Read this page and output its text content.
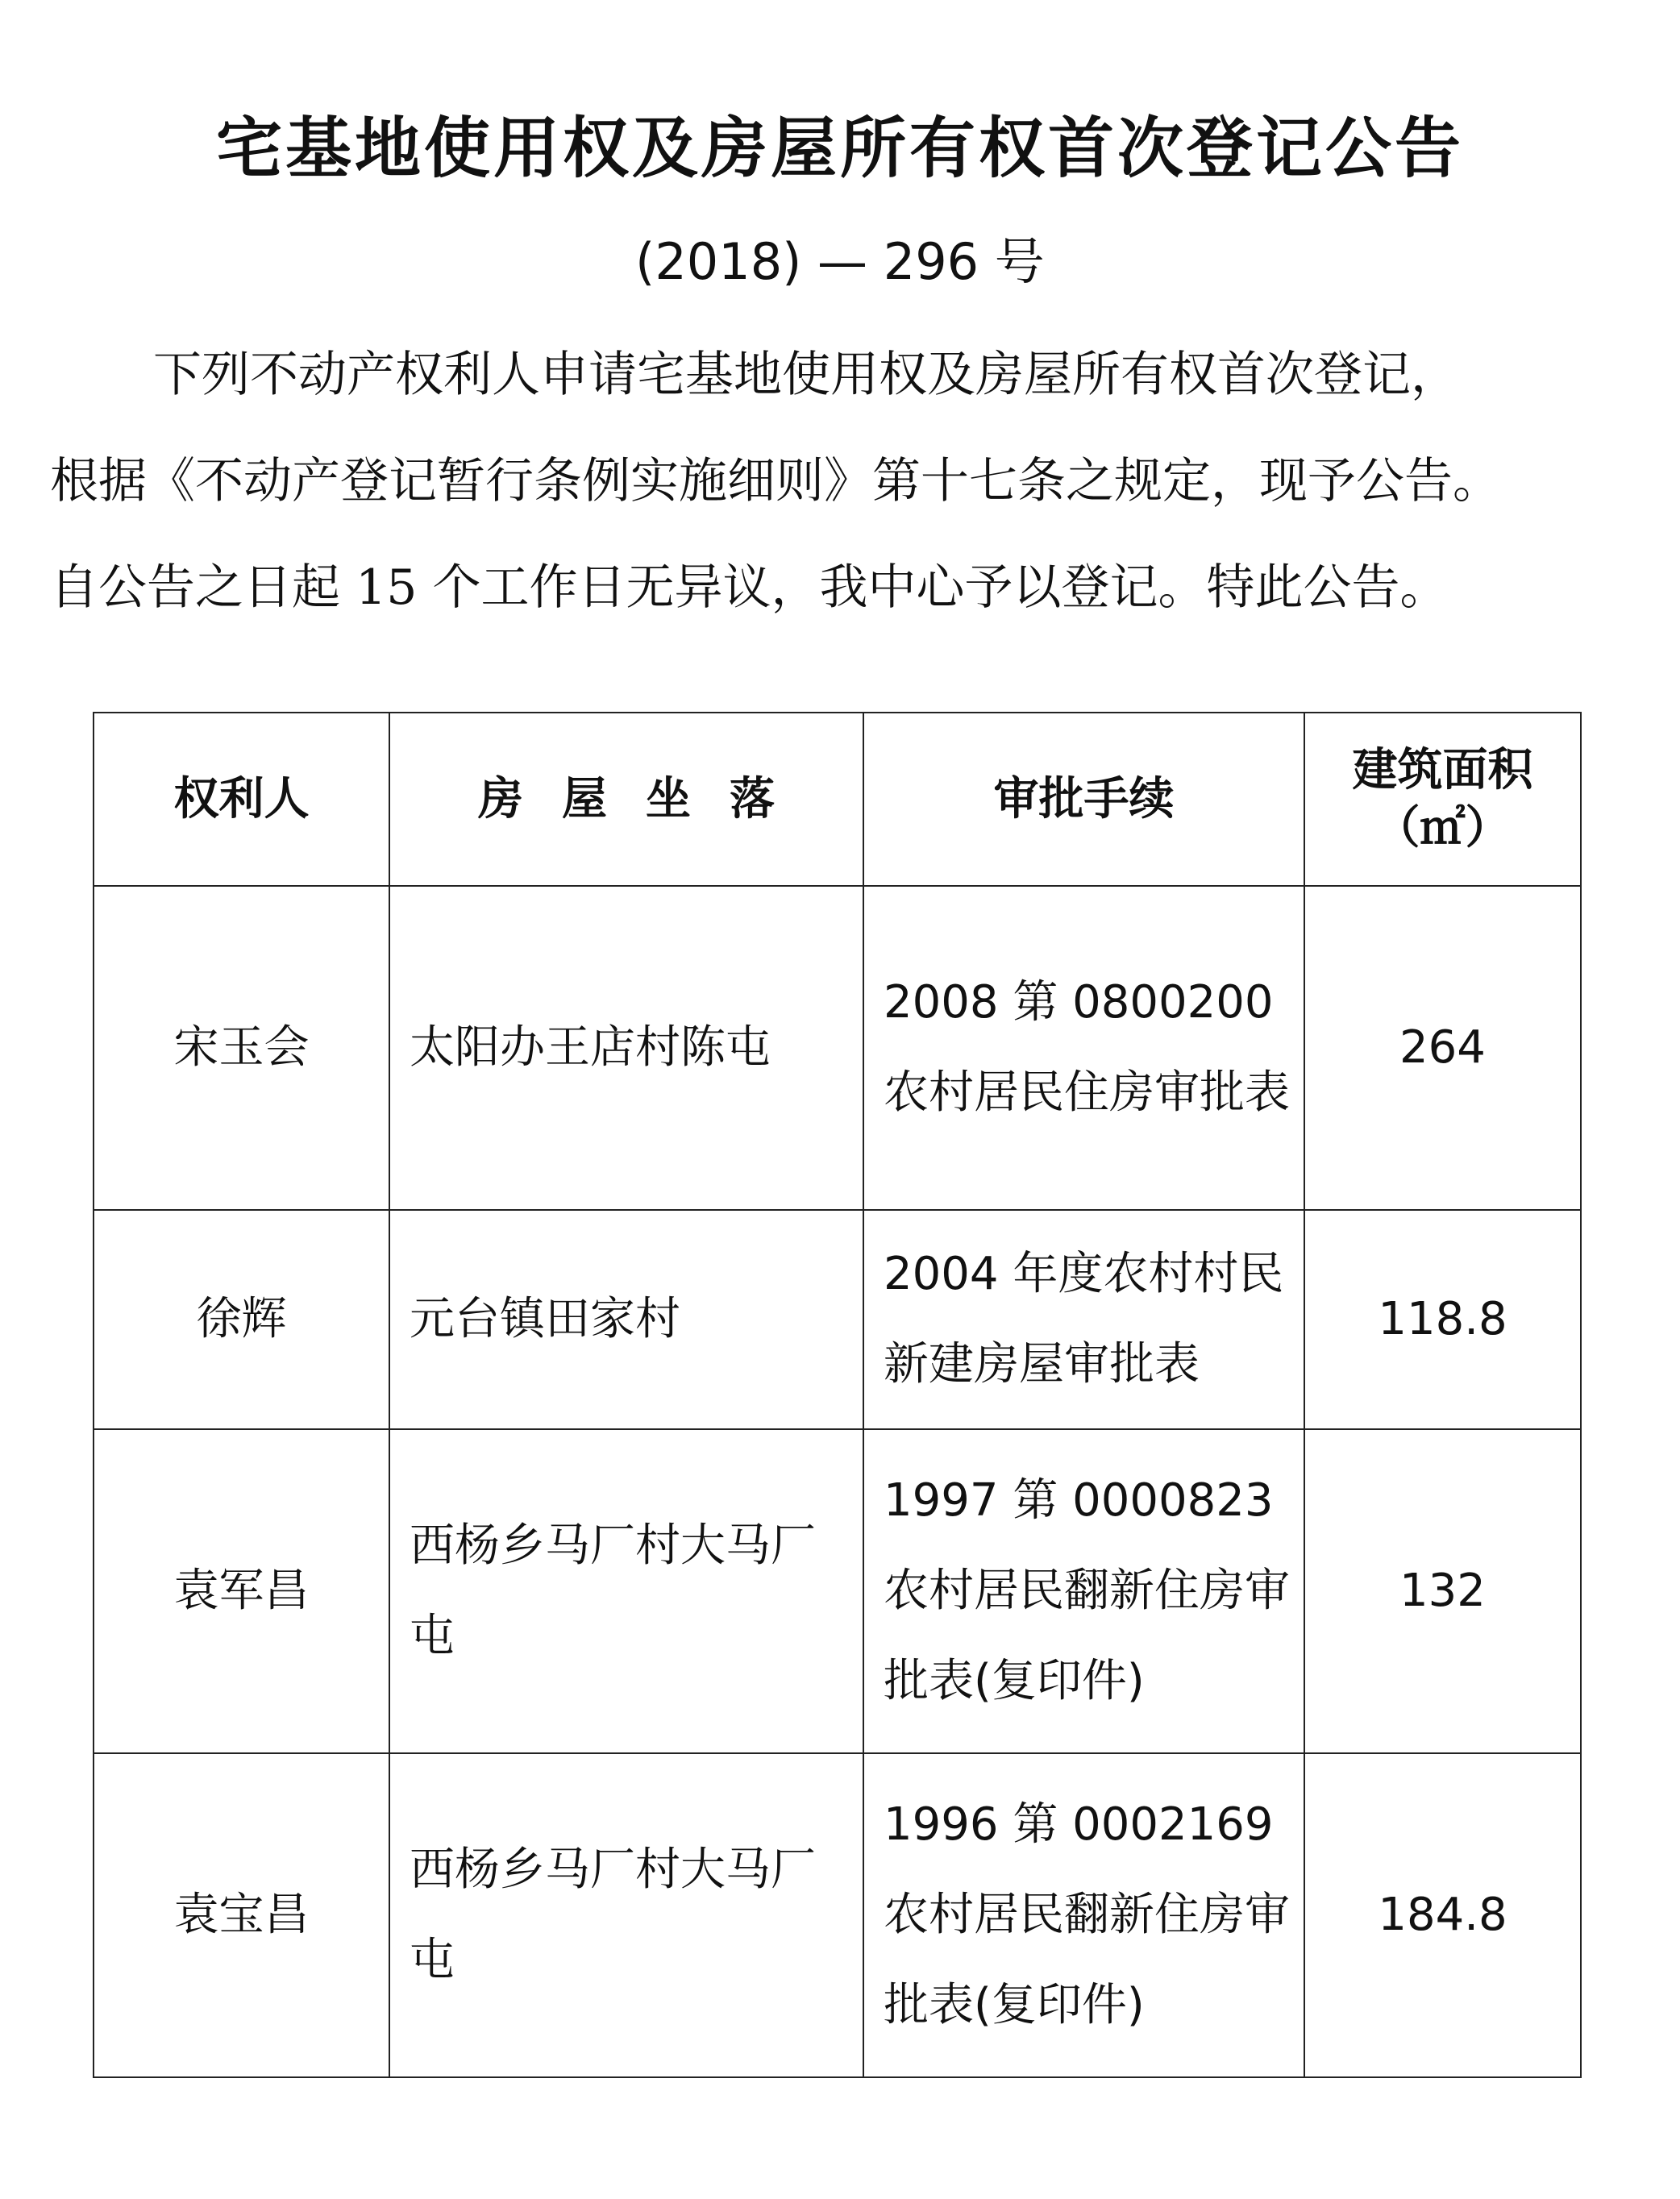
宅基地使用权及房屋所有权首次登记公告
(2018) — 296 号
下列不动产权利人申请宅基地使用权及房屋所有权首次登记，
根据《不动产登记暂行条例实施细则》第十七条之规定，现予公告。
自公告之日起 15 个工作日无异议，我中心予以登记。特此公告。
权利人	房 屋 坐 落	审批手续	建筑面积
（㎡）

宋玉会	太阳办王店村陈屯	2008 第 0800200 农村居民住房审批表	264
徐辉	元台镇田家村	2004 年度农村村民新建房屋审批表	118.8
袁军昌	西杨乡马厂村大马厂屯	1997 第 0000823 农村居民翻新住房审批表(复印件)	132
袁宝昌	西杨乡马厂村大马厂屯	1996 第 0002169 农村居民翻新住房审批表(复印件)	184.8
